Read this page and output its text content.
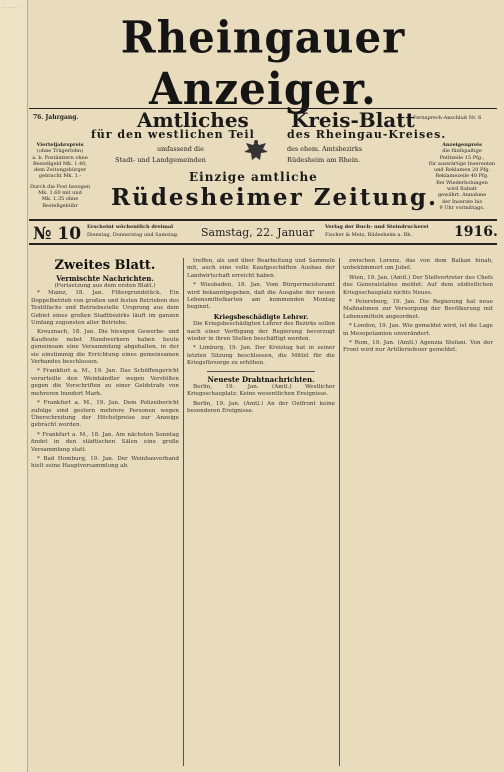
. . . . . .
Rheingauer Anzeiger.
76. Jahrgang.	Amtliches Kreis-Blatt
Fernsprech-Anschluß Nr. 6
für den westlichen Teil	des Rheingau-Kreises.
Vierteljahrspreis
(ohne Trägerlohn)
a. b. Postämtern ohne
Bestellgeld Mk. 1.40,
dem Zeitungsbürger
gebracht Mk. 1.-
Durch die Post bezogen
Mk. 1.60 mit und
Mk. 1.35 ohne
Bestellgebühr
Anzeigenpreis
die fünfspaltige
Petitzeile 15 Pfg.,
für auswärtige Inserenten
und Reklamen 20 Pfg.
Reklamezeile 40 Pfg.
Bei Wiederholungen
wird Rabatt
gewährt. Annahme
der Inserate bis
9 Uhr vormittags.
umfassend die	des ehem. Amtsbezirks
Stadt- und Landgemeinden	Rüdesheim am Rhein.
Einzige amtliche
Rüdesheimer Zeitung.
№ 10 Erscheint wöchentlich dreimal
Dienstag, Donnerstag und Samstag. Samstag, 22. Januar Verlag der Buch- und Steindruckerei
Fischer & Metz, Rüdesheim a. Rh.	1916.
Zweites Blatt.
Vermischte Nachrichten.
(Fortsetzung aus dem ersten Blatt.)
* Mainz, 18. Jan. Filtergrundstück. Ein Doppelbetrieb von großen und festen Betrieben des Textilfachs und Betriebsstelle Ursprung aus dem Gebiet eines großen Stadtbezirks läuft im ganzen Umfang zugunsten aller Betriebe.
Kreuznach, 18. Jan. Die hiesigen Gewerbe- und Kaufleute nebst Handwerkern haben heute gemeinsam eine Versammlung abgehalten, in der sie einstimmig die Errichtung eines gemeinsamen Verbandes beschlossen.
* Frankfurt a. M., 19. Jan. Das Schöffengericht verurteilte den Weinhändler wegen Verstößen gegen die Vorschriften zu einer Geldstrafe von mehreren hundert Mark.
* Frankfurt a. M., 19. Jan. Dem Polizeibericht zufolge sind gestern mehrere Personen wegen Überschreitung der Höchstpreise zur Anzeige gebracht worden.
* Frankfurt a. M., 18. Jan. Am nächsten Sonntag findet in den städtischen Sälen eine große Versammlung statt.
* Bad Homburg, 19. Jan. Der Weinbauverband hielt seine Hauptversammlung ab.
treffen, als und über Bearbeitung und Sammeln mit, auch eine volle Kaufgeschäften Ausbau der Landwirtschaft erreicht haben.
* Wiesbaden, 18. Jan. Vom Bürgermeisteramt wird bekanntgegeben, daß die Ausgabe der neuen Lebensmittelkarten am kommenden Montag beginnt.
Kriegsbeschädigte Lehrer.
Die Kriegsbeschädigten Lehrer des Bezirks sollen nach einer Verfügung der Regierung bevorzugt wieder in ihren Stellen beschäftigt werden.
* Limburg, 19. Jan. Der Kreistag hat in seiner letzten Sitzung beschlossen, die Mittel für die Kriegsfürsorge zu erhöhen.
Neueste Drahtnachrichten.
Berlin, 19. Jan. (Amtl.) Westlicher Kriegsschauplatz: Keine wesentlichen Ereignisse.
Berlin, 19. Jan. (Amtl.) An der Ostfront keine besonderen Ereignisse.
zwischen Lorenz, das von dem Balkan hinab, unbekümmert um Jubel.
Wien, 19. Jan. (Amtl.) Der Stellvertreter des Chefs des Generalstabes meldet: Auf dem südöstlichen Kriegsschauplatz nichts Neues.
* Petersburg, 19. Jan. Die Regierung hat neue Maßnahmen zur Versorgung der Bevölkerung mit Lebensmitteln angeordnet.
* London, 19. Jan. Wie gemeldet wird, ist die Lage in Mesopotamien unverändert.
* Rom, 19. Jan. (Amtl.) Agenzia Stefani. Von der Front wird nur Artilleriefeuer gemeldet.
